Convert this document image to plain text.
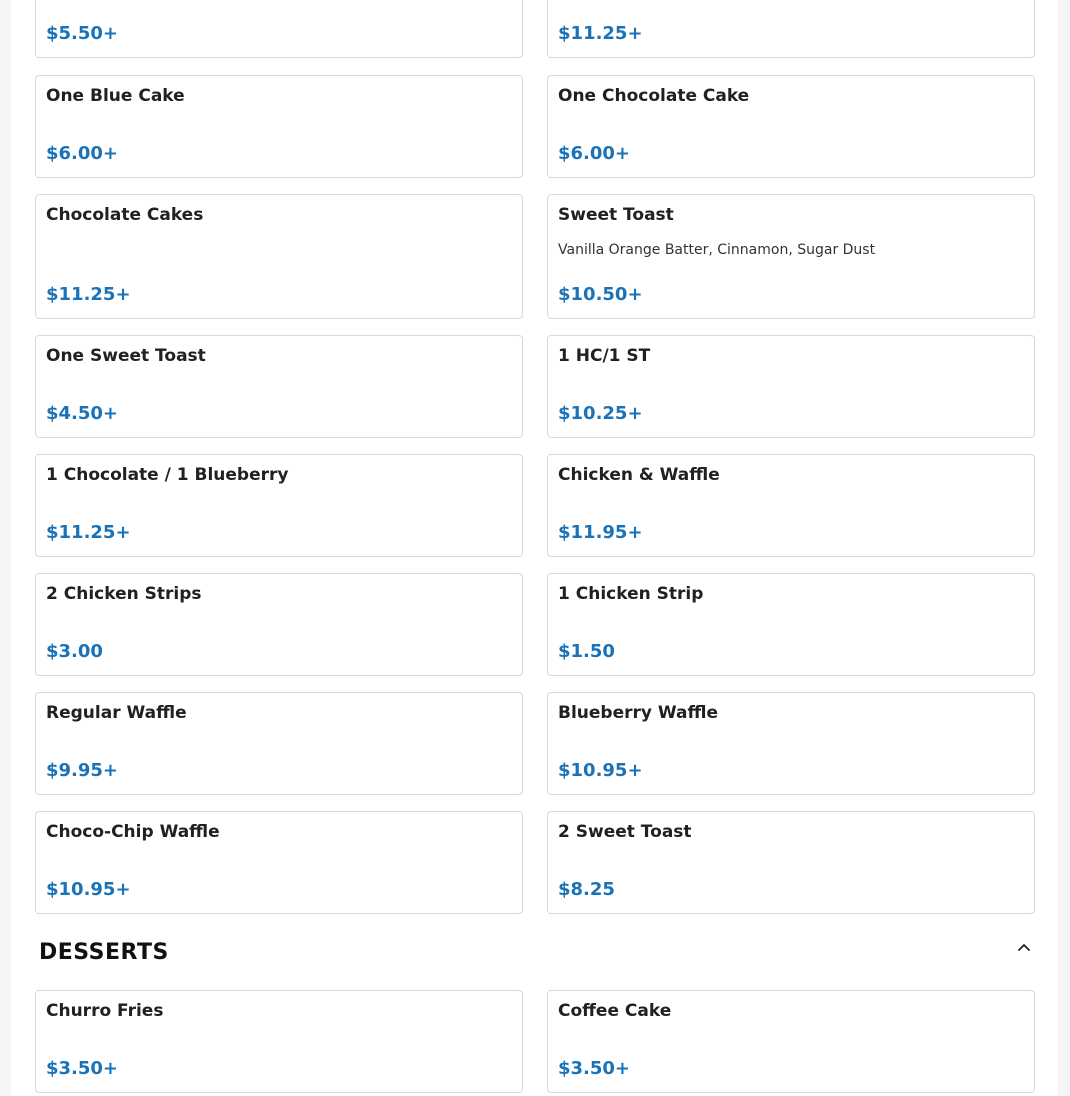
$5.50+	$11.25+
One Blue Cake
$6.00+
One Chocolate Cake
$6.00+
Chocolate Cakes
$11.25+
Sweet Toast
Vanilla Orange Batter, Cinnamon, Sugar Dust
$10.50+
One Sweet Toast
$4.50+
1 HC/1 ST
$10.25+
1 Chocolate / 1 Blueberry
$11.25+
Chicken & Waffle
$11.95+
2 Chicken Strips
$3.00
1 Chicken Strip
$1.50
Regular Waffle
$9.95+
Blueberry Waffle
$10.95+
Choco-Chip Waffle
$10.95+
2 Sweet Toast
$8.25
DESSERTS
Churro Fries
$3.50+
Coffee Cake
$3.50+
